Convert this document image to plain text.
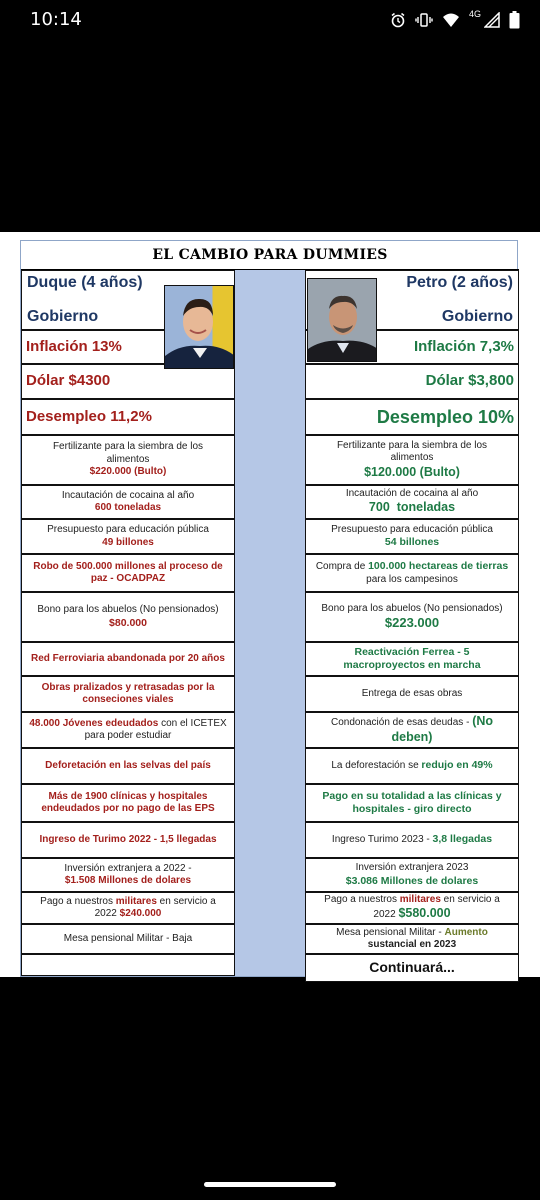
10:14	4G
EL CAMBIO PARA DUMMIES
Duque (4 años)
Gobierno
Inflación 13%
Dólar $4300
Desempleo 11,2%
Fertilizante para la siembra de los
alimentos
$220.000 (Bulto)
Incautación de cocaina al año
600 toneladas
Presupuesto para educación pública
49 billones
Robo de 500.000 millones al proceso de
paz - OCADPAZ
Bono para los abuelos (No pensionados)
$80.000
Red Ferroviaria abandonada por 20 años
Obras pralizados y retrasadas por la
conseciones viales
48.000 Jóvenes edeudados con el ICETEX
para poder estudiar
Deforetación en las selvas del país
Más de 1900 clínicas y hospitales
endeudados por no pago de las EPS
Ingreso de Turimo 2022 - 1,5 llegadas
Inversión extranjera a 2022 -
$1.508 Millones de dolares
Pago a nuestros militares en servicio a
2022 $240.000
Mesa pensional Militar - Baja
Petro (2 años)
Gobierno
Inflación 7,3%
Dólar $3,800
Desempleo 10%
Fertilizante para la siembra de los
alimentos
$120.000 (Bulto)
Incautación de cocaina al año
700  toneladas
Presupuesto para educación pública
54 billones
Compra de 100.000 hectareas de tierras
para los campesinos
Bono para los abuelos (No pensionados)
$223.000
Reactivación Ferrea - 5
macroproyectos en marcha
Entrega de esas obras
Condonación de esas deudas - (No
deben)
La deforestación se redujo en 49%
Pago en su totalidad a las clínicas y
hospitales - giro directo
Ingreso Turimo 2023 - 3,8 llegadas
Inversión extranjera 2023
$3.086 Millones de dolares
Pago a nuestros militares en servicio a
2022 $580.000
Mesa pensional Militar - Aumento
sustancial en 2023
Continuará...
